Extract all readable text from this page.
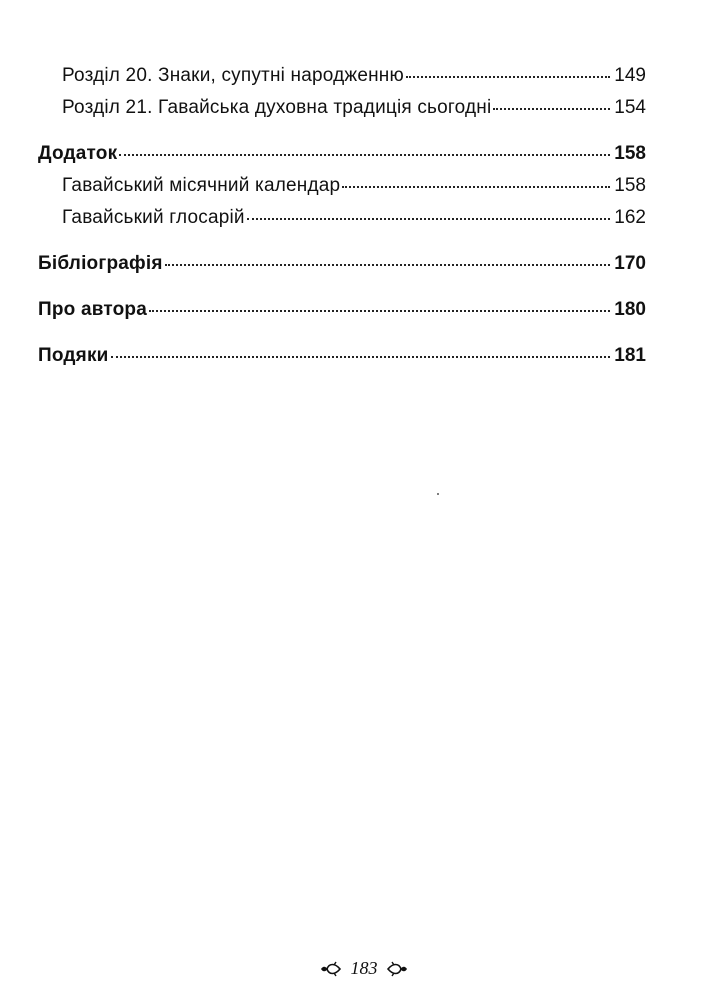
Розділ 20. Знаки, супутні народженню	149
Розділ 21. Гавайська духовна традиція сьогодні	154
Додаток	158
Гавайський місячний календар	158
Гавайський глосарій	162
Бібліографія	170
Про автора	180
Подяки	181
183
